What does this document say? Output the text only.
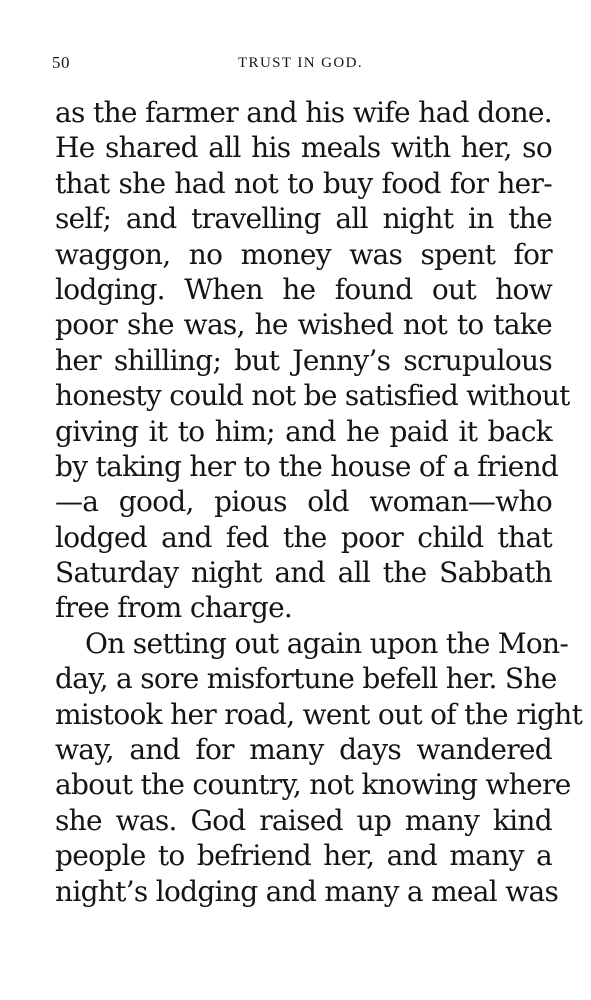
50	TRUST IN GOD.
as the farmer and his wife had done.
He shared all his meals with her, so
that she had not to buy food for her-
self; and travelling all night in the
waggon, no money was spent for
lodging. When he found out how
poor she was, he wished not to take
her shilling; but Jenny’s scrupulous
honesty could not be satisfied without
giving it to him; and he paid it back
by taking her to the house of a friend
—a good, pious old woman—who
lodged and fed the poor child that
Saturday night and all the Sabbath
free from charge.
On setting out again upon the Mon-
day, a sore misfortune befell her. She
mistook her road, went out of the right
way, and for many days wandered
about the country, not knowing where
she was. God raised up many kind
people to befriend her, and many a
night’s lodging and many a meal was
